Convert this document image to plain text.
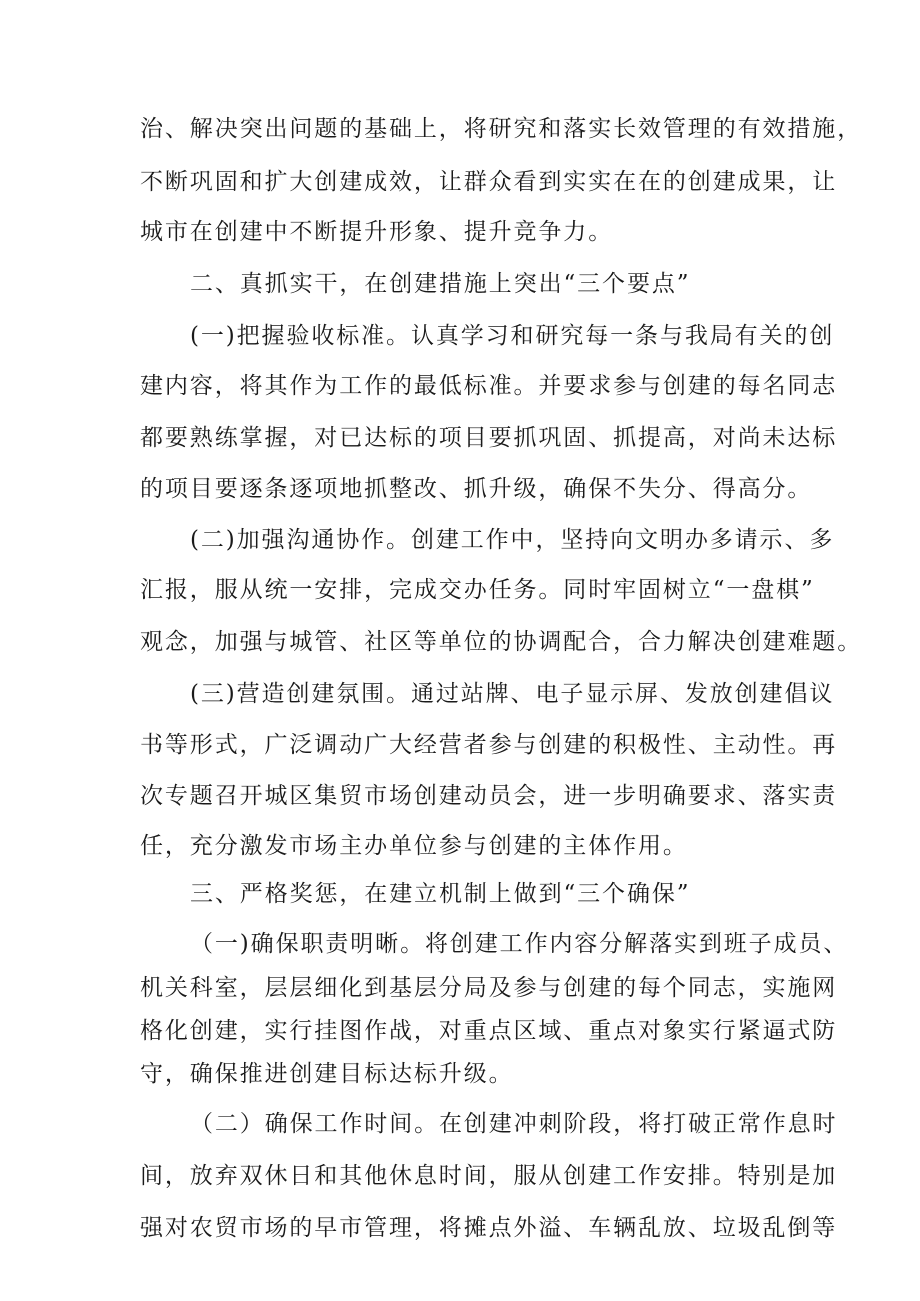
治、解决突出问题的基础上，将研究和落实长效管理的有效措施，
不断巩固和扩大创建成效，让群众看到实实在在的创建成果，让
城市在创建中不断提升形象、提升竞争力。
二、真抓实干，在创建措施上突出“三个要点”
(一)把握验收标准。认真学习和研究每一条与我局有关的创
建内容，将其作为工作的最低标准。并要求参与创建的每名同志
都要熟练掌握，对已达标的项目要抓巩固、抓提高，对尚未达标
的项目要逐条逐项地抓整改、抓升级，确保不失分、得高分。
(二)加强沟通协作。创建工作中，坚持向文明办多请示、多
汇报，服从统一安排，完成交办任务。同时牢固树立“一盘棋”
观念，加强与城管、社区等单位的协调配合，合力解决创建难题。
(三)营造创建氛围。通过站牌、电子显示屏、发放创建倡议
书等形式，广泛调动广大经营者参与创建的积极性、主动性。再
次专题召开城区集贸市场创建动员会，进一步明确要求、落实责
任，充分激发市场主办单位参与创建的主体作用。
三、严格奖惩，在建立机制上做到“三个确保”
（一)确保职责明晰。将创建工作内容分解落实到班子成员、
机关科室，层层细化到基层分局及参与创建的每个同志，实施网
格化创建，实行挂图作战，对重点区域、重点对象实行紧逼式防
守，确保推进创建目标达标升级。
（二）确保工作时间。在创建冲刺阶段，将打破正常作息时
间，放弃双休日和其他休息时间，服从创建工作安排。特别是加
强对农贸市场的早市管理，将摊点外溢、车辆乱放、垃圾乱倒等
